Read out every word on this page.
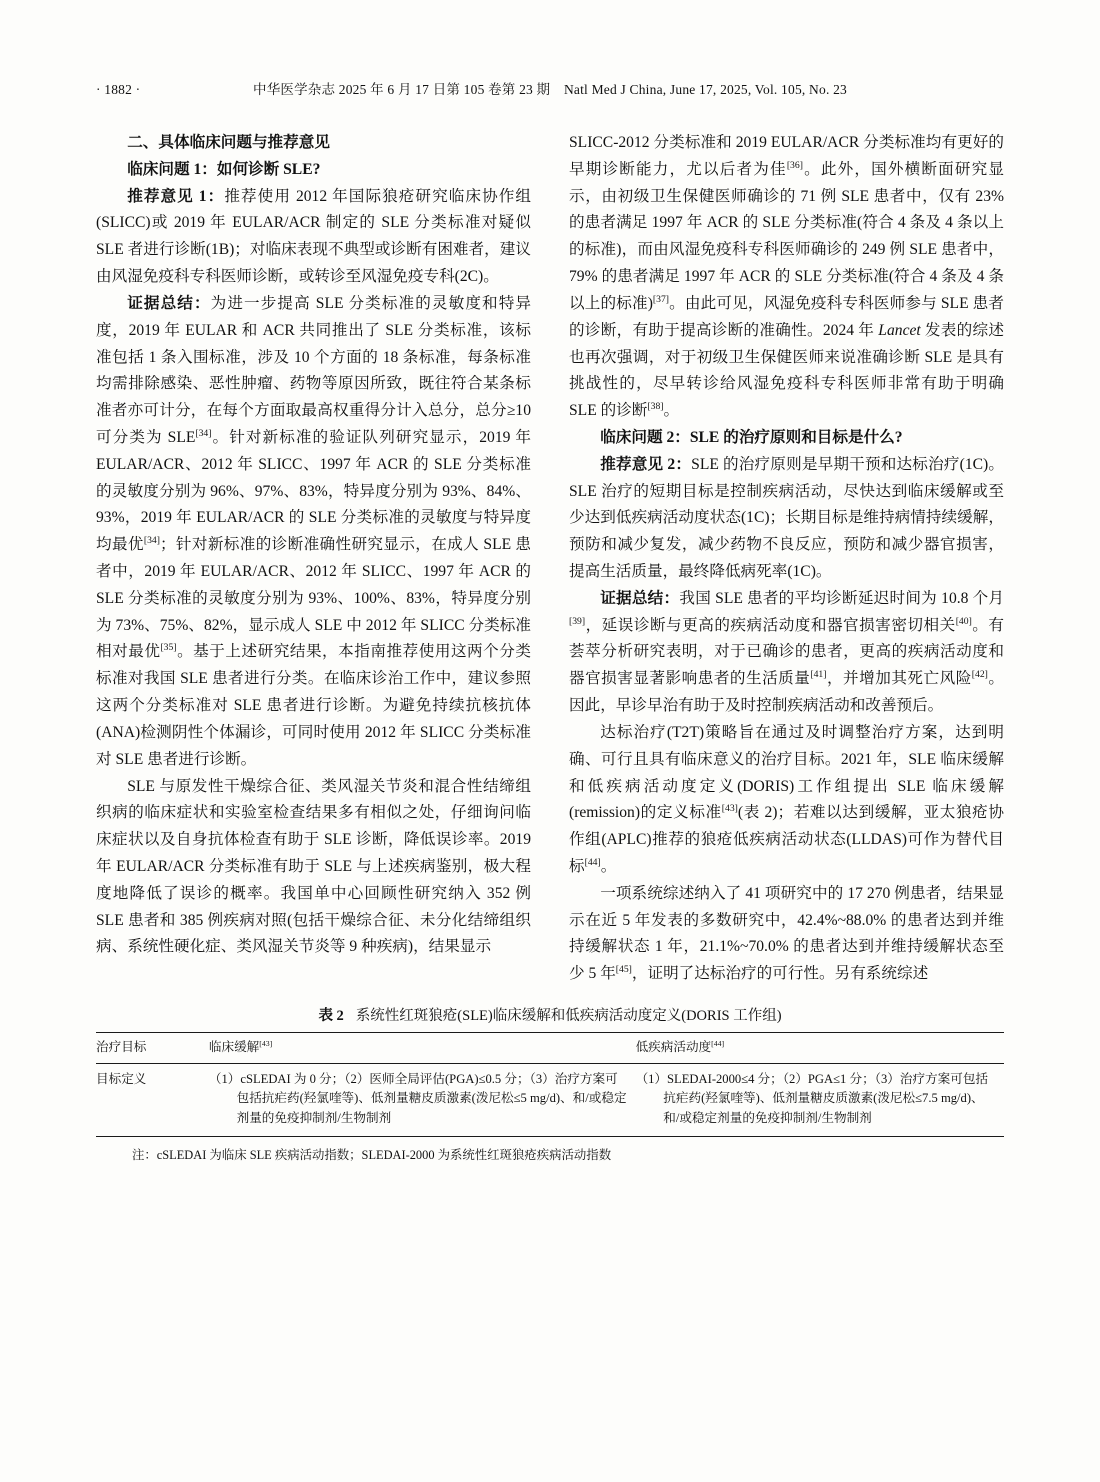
· 1882 ·	中华医学杂志 2025 年 6 月 17 日第 105 卷第 23 期　Natl Med J China, June 17, 2025, Vol. 105, No. 23

二、具体临床问题与推荐意见

临床问题 1：如何诊断 SLE?

推荐意见 1：推荐使用 2012 年国际狼疮研究临床协作组(SLICC)或 2019 年 EULAR/ACR 制定的 SLE 分类标准对疑似 SLE 者进行诊断(1B)；对临床表现不典型或诊断有困难者，建议由风湿免疫科专科医师诊断，或转诊至风湿免疫专科(2C)。

证据总结：为进一步提高 SLE 分类标准的灵敏度和特异度，2019 年 EULAR 和 ACR 共同推出了 SLE 分类标准，该标准包括 1 条入围标准，涉及 10 个方面的 18 条标准，每条标准均需排除感染、恶性肿瘤、药物等原因所致，既往符合某条标准者亦可计分，在每个方面取最高权重得分计入总分，总分≥10 可分类为 SLE[34]。针对新标准的验证队列研究显示，2019 年 EULAR/ACR、2012 年 SLICC、1997 年 ACR 的 SLE 分类标准的灵敏度分别为 96%、97%、83%，特异度分别为 93%、84%、93%，2019 年 EULAR/ACR 的 SLE 分类标准的灵敏度与特异度均最优[34]；针对新标准的诊断准确性研究显示，在成人 SLE 患者中，2019 年 EULAR/ACR、2012 年 SLICC、1997 年 ACR 的 SLE 分类标准的灵敏度分别为 93%、100%、83%，特异度分别为 73%、75%、82%，显示成人 SLE 中 2012 年 SLICC 分类标准相对最优[35]。基于上述研究结果，本指南推荐使用这两个分类标准对我国 SLE 患者进行分类。在临床诊治工作中，建议参照这两个分类标准对 SLE 患者进行诊断。为避免持续抗核抗体(ANA)检测阴性个体漏诊，可同时使用 2012 年 SLICC 分类标准对 SLE 患者进行诊断。

SLE 与原发性干燥综合征、类风湿关节炎和混合性结缔组织病的临床症状和实验室检查结果多有相似之处，仔细询问临床症状以及自身抗体检查有助于 SLE 诊断，降低误诊率。2019 年 EULAR/ACR 分类标准有助于 SLE 与上述疾病鉴别，极大程度地降低了误诊的概率。我国单中心回顾性研究纳入 352 例 SLE 患者和 385 例疾病对照(包括干燥综合征、未分化结缔组织病、系统性硬化症、类风湿关节炎等 9 种疾病)，结果显示

SLICC-2012 分类标准和 2019 EULAR/ACR 分类标准均有更好的早期诊断能力，尤以后者为佳[36]。此外，国外横断面研究显示，由初级卫生保健医师确诊的 71 例 SLE 患者中，仅有 23% 的患者满足 1997 年 ACR 的 SLE 分类标准(符合 4 条及 4 条以上的标准)，而由风湿免疫科专科医师确诊的 249 例 SLE 患者中，79% 的患者满足 1997 年 ACR 的 SLE 分类标准(符合 4 条及 4 条以上的标准)[37]。由此可见，风湿免疫科专科医师参与 SLE 患者的诊断，有助于提高诊断的准确性。2024 年 Lancet 发表的综述也再次强调，对于初级卫生保健医师来说准确诊断 SLE 是具有挑战性的，尽早转诊给风湿免疫科专科医师非常有助于明确 SLE 的诊断[38]。

临床问题 2：SLE 的治疗原则和目标是什么?

推荐意见 2：SLE 的治疗原则是早期干预和达标治疗(1C)。SLE 治疗的短期目标是控制疾病活动，尽快达到临床缓解或至少达到低疾病活动度状态(1C)；长期目标是维持病情持续缓解，预防和减少复发，减少药物不良反应，预防和减少器官损害，提高生活质量，最终降低病死率(1C)。

证据总结：我国 SLE 患者的平均诊断延迟时间为 10.8 个月[39]，延误诊断与更高的疾病活动度和器官损害密切相关[40]。有荟萃分析研究表明，对于已确诊的患者，更高的疾病活动度和器官损害显著影响患者的生活质量[41]，并增加其死亡风险[42]。因此，早诊早治有助于及时控制疾病活动和改善预后。

达标治疗(T2T)策略旨在通过及时调整治疗方案，达到明确、可行且具有临床意义的治疗目标。2021 年，SLE 临床缓解和低疾病活动度定义(DORIS)工作组提出 SLE 临床缓解(remission)的定义标准[43](表 2)；若难以达到缓解，亚太狼疮协作组(APLC)推荐的狼疮低疾病活动状态(LLDAS)可作为替代目标[44]。

一项系统综述纳入了 41 项研究中的 17 270 例患者，结果显示在近 5 年发表的多数研究中，42.4%~88.0% 的患者达到并维持缓解状态 1 年，21.1%~70.0% 的患者达到并维持缓解状态至少 5 年[45]，证明了达标治疗的可行性。另有系统综述

表 2 系统性红斑狼疮(SLE)临床缓解和低疾病活动度定义(DORIS 工作组)
治疗目标	临床缓解[43]	低疾病活动度[44]
目标定义	（1）cSLEDAI 为 0 分；（2）医师全局评估(PGA)≤0.5 分；（3）治疗方案可包括抗疟药(羟氯喹等)、低剂量糖皮质激素(泼尼松≤5 mg/d)、和/或稳定剂量的免疫抑制剂/生物制剂	（1）SLEDAI-2000≤4 分；（2）PGA≤1 分；（3）治疗方案可包括抗疟药(羟氯喹等)、低剂量糖皮质激素(泼尼松≤7.5 mg/d)、和/或稳定剂量的免疫抑制剂/生物制剂
注：cSLEDAI 为临床 SLE 疾病活动指数；SLEDAI-2000 为系统性红斑狼疮疾病活动指数
